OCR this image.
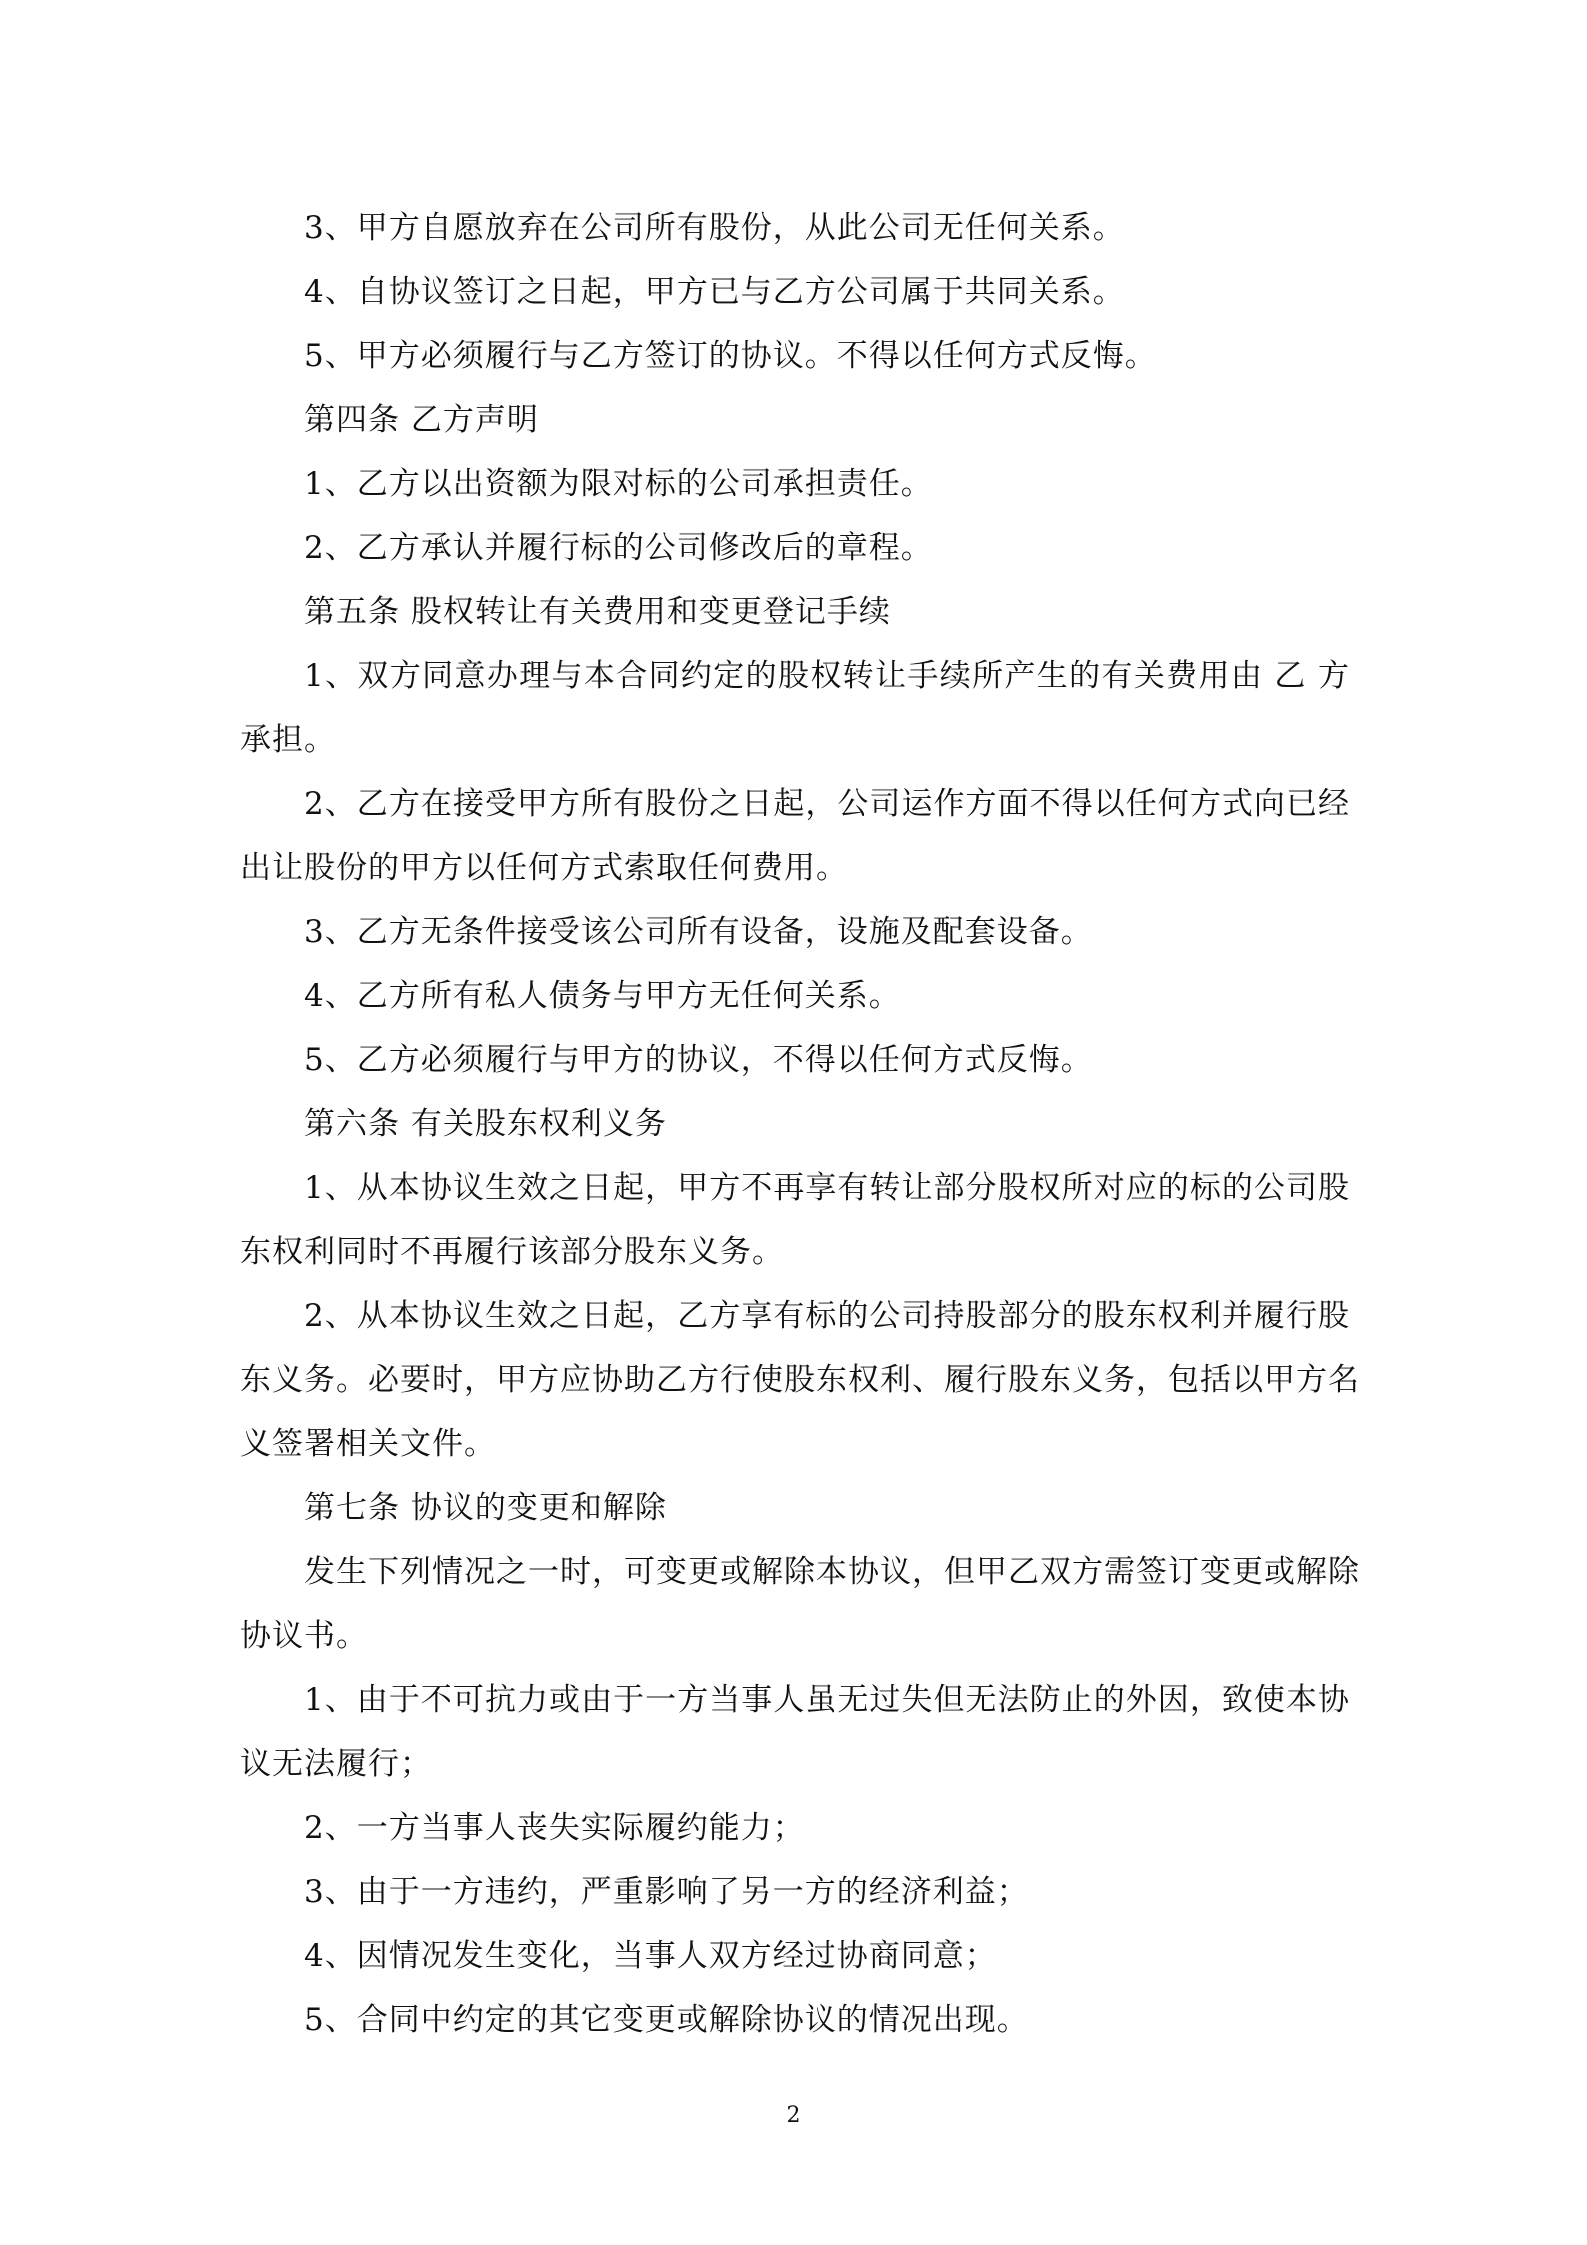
3、甲方自愿放弃在公司所有股份，从此公司无任何关系。
4、自协议签订之日起，甲方已与乙方公司属于共同关系。
5、甲方必须履行与乙方签订的协议。不得以任何方式反悔。
第四条 乙方声明
1、乙方以出资额为限对标的公司承担责任。
2、乙方承认并履行标的公司修改后的章程。
第五条 股权转让有关费用和变更登记手续
1、双方同意办理与本合同约定的股权转让手续所产生的有关费用由 乙 方
承担。
2、乙方在接受甲方所有股份之日起，公司运作方面不得以任何方式向已经
出让股份的甲方以任何方式索取任何费用。
3、乙方无条件接受该公司所有设备，设施及配套设备。
4、乙方所有私人债务与甲方无任何关系。
5、乙方必须履行与甲方的协议，不得以任何方式反悔。
第六条 有关股东权利义务
1、从本协议生效之日起，甲方不再享有转让部分股权所对应的标的公司股
东权利同时不再履行该部分股东义务。
2、从本协议生效之日起，乙方享有标的公司持股部分的股东权利并履行股
东义务。必要时，甲方应协助乙方行使股东权利、履行股东义务，包括以甲方名
义签署相关文件。
第七条 协议的变更和解除
发生下列情况之一时，可变更或解除本协议，但甲乙双方需签订变更或解除
协议书。
1、由于不可抗力或由于一方当事人虽无过失但无法防止的外因，致使本协
议无法履行；
2、一方当事人丧失实际履约能力；
3、由于一方违约，严重影响了另一方的经济利益；
4、因情况发生变化，当事人双方经过协商同意；
5、合同中约定的其它变更或解除协议的情况出现。
2
